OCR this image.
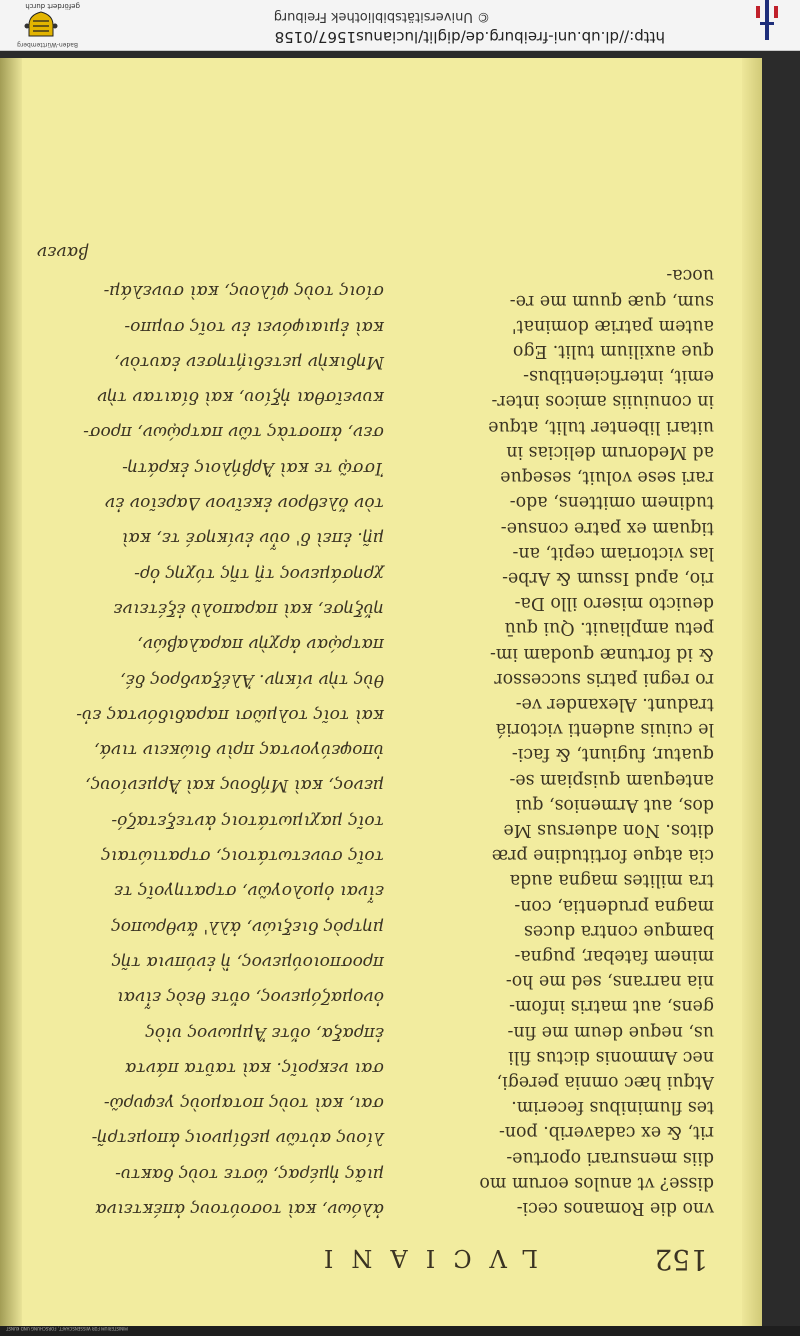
http://dl.ub.uni-freiburg.de/diglit/lucianus1567/0158
© Universitätsbibliothek Freiburg
Baden-Württemberg
gefördert durch
152
LVCIANI
vno die Romanos ceci-
disse? vt anulos eorum mo
diis mensurari oportue-
rit, & ex cadaverib. pon-
tes fluminibus fecerim.
Atqui hæc omnia peregi,
nec Ammonis dictus fili
us, neque deum me fin-
gens, aut matris infom-
nia narrans, sed me ho-
minem fatebar, pugna-
bamque contra duces
magna prudentia, con-
tra milites magna auda
cia atque fortitudine præ
ditos. Non aduersus Me
dos, aut Armenios, qui
antequam quispiam se-
quatur, fugiunt, & faci-
le cuiuis audenti victoriá
tradunt. Alexander ve-
ro regni patris successor
& id fortunæ quodam im-
petu ampliauit. Qui quū
deuicto misero illo Da-
rio, apud Issum & Arbe-
las victoriam cepit, an-
tiquam ex patre consue-
tudinem omittens, ado-
rari sese voluit, seseque
ad Medorum delicias in
uitari libenter tulit, atque
in conuiuiis amicos inter-
emit, interficientibus-
que auxilium tulit. Ego
autem patriæ dominat'
sum, quæ quum me re-
uoca-
ἀλόων, καὶ τοσούτους ἀπέκτεινα
μιᾶς ἡμέρας, ὥστε τοὺς δακτυ-
λίους αὐτῶν μεδίμνοις ἀπομετρῆ-
σαι, καὶ τοὺς ποταμοὺς γεφυρῶ-
σαι νεκροῖς. καὶ ταῦτα πάντα
ἐπραξα, οὔτε Ἄμμωνος υἱὸς
ὀνομαζόμενος, οὔτε θεὸς εἶναι
προσποιούμενος, ἢ ἐνύπνια τῆς
μητρὸς διεξιών, ἀλλ' ἄνθρωπος
εἶναι ὁμολογῶν, στρατηγοῖς τε
τοῖς συνετωτάτοις, στρατιώταις
τοῖς μαχιμωτάτοις ἀντεξεταζό-
μενος, καὶ Μήδους καὶ Ἀρμενίους,
ὑποφεύγοντας πρὶν διώκειν τινά,
καὶ τοῖς τολμῶσι παραδιδόντας εὐ-
θὺς τὴν νίκην. Ἀλέξανδρος δέ,
πατρῴαν ἀρχὴν παραλαβών,
ηὔξησε, καὶ παραπολὺ ἐξέτεινε
χρησάμενος τῇ τῆς τύχης ὁρ-
μῇ. ἐπεὶ δ' οὖν ἐνίκησέ τε, καὶ
τὸν ὄλεθρον ἐκεῖνον Δαρεῖον ἐν
Ἰσσῷ τε καὶ Ἀρβήλοις ἐκράτη-
σεν, ἀποστὰς τῶν πατρῴων, προσ-
κυνεῖσθαι ἠξίου, καὶ δίαιταν τὴν
Μηδικὴν μετεδιῄτησεν ἑαυτὸν,
καὶ ἐμιαιφόνει ἐν τοῖς συμπο-
σίοις τοὺς φίλους, καὶ συνελάμ-
βανεν
MINISTERIUM FÜR WISSENSCHAFT, FORSCHUNG UND KUNST
